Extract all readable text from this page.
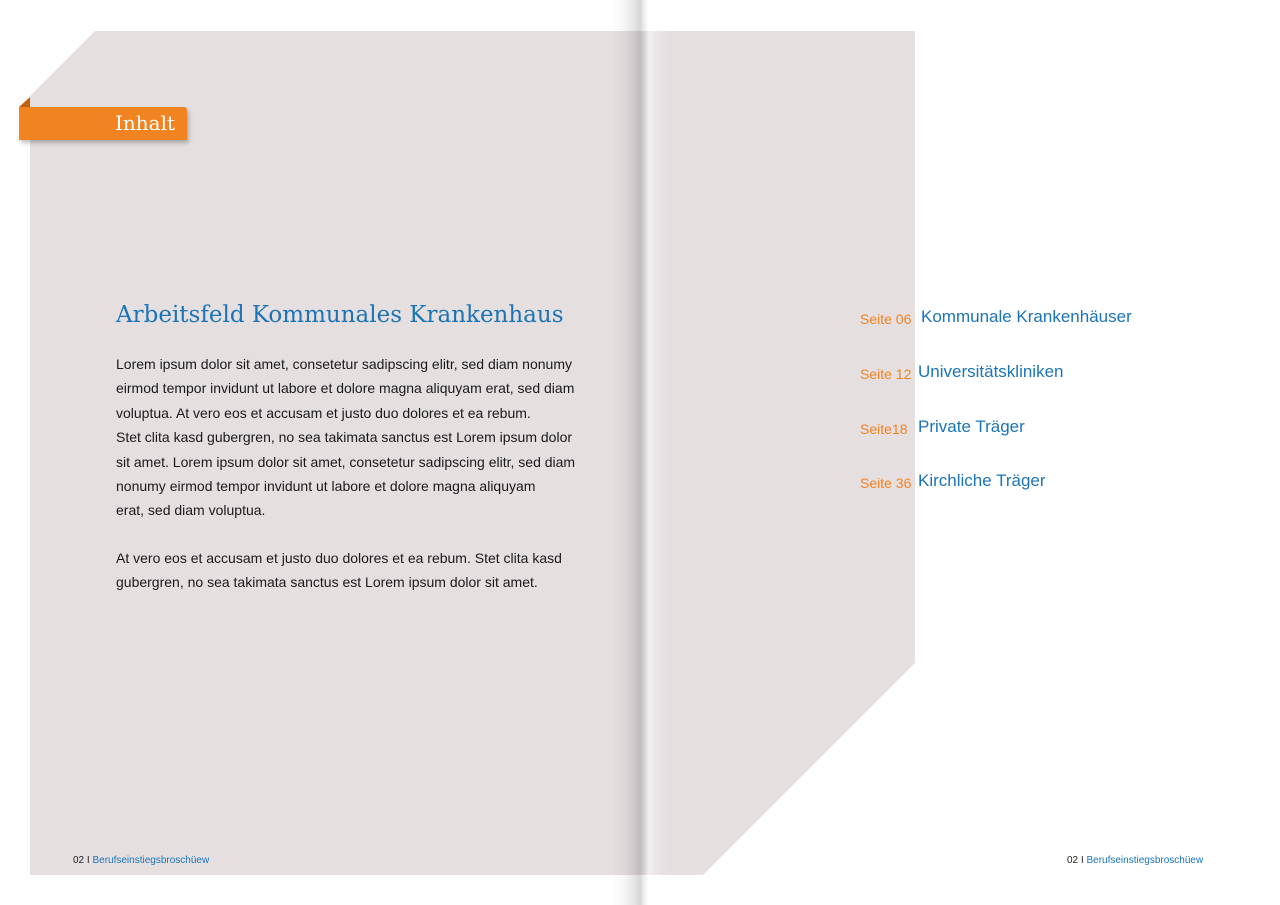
Inhalt
Arbeitsfeld Kommunales Krankenhaus

Lorem ipsum dolor sit amet, consetetur sadipscing elitr, sed diam nonumy
eirmod tempor invidunt ut labore et dolore magna aliquyam erat, sed diam
voluptua. At vero eos et accusam et justo duo dolores et ea rebum.
Stet clita kasd gubergren, no sea takimata sanctus est Lorem ipsum dolor
sit amet. Lorem ipsum dolor sit amet, consetetur sadipscing elitr, sed diam
nonumy eirmod tempor invidunt ut labore et dolore magna aliquyam
erat, sed diam voluptua.

At vero eos et accusam et justo duo dolores et ea rebum. Stet clita kasd
gubergren, no sea takimata sanctus est Lorem ipsum dolor sit amet.

Seite 06 Kommunale Krankenhäuser
Seite 12 Universitätskliniken
Seite18 Private Träger
Seite 36 Kirchliche Träger
02 I Berufseinstiegsbroschüew	02 I Berufseinstiegsbroschüew
